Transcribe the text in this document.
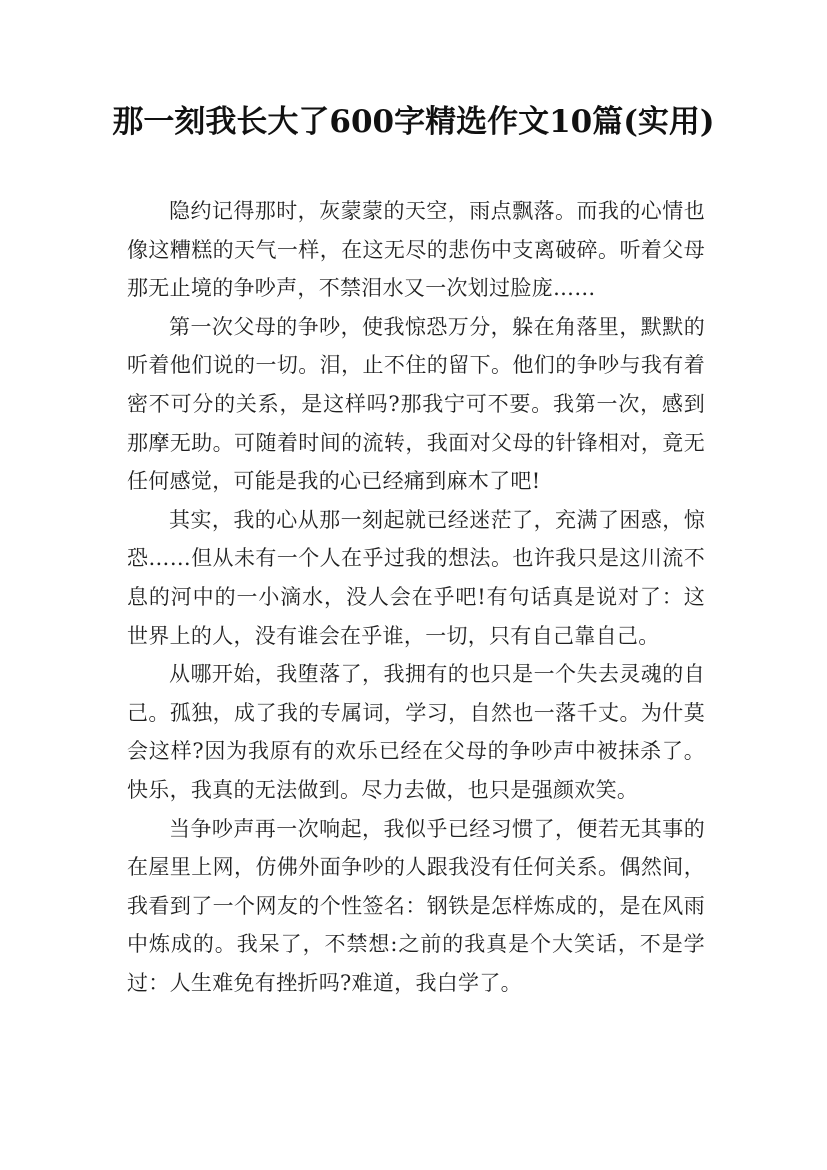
那一刻我长大了600字精选作文10篇(实用)

隐约记得那时，灰蒙蒙的天空，雨点飘落。而我的心情也像这糟糕的天气一样，在这无尽的悲伤中支离破碎。听着父母那无止境的争吵声，不禁泪水又一次划过脸庞……

第一次父母的争吵，使我惊恐万分，躲在角落里，默默的听着他们说的一切。泪，止不住的留下。他们的争吵与我有着密不可分的关系，是这样吗?那我宁可不要。我第一次，感到那摩无助。可随着时间的流转，我面对父母的针锋相对，竟无任何感觉，可能是我的心已经痛到麻木了吧!

其实，我的心从那一刻起就已经迷茫了，充满了困惑，惊恐……但从未有一个人在乎过我的想法。也许我只是这川流不息的河中的一小滴水，没人会在乎吧!有句话真是说对了：这世界上的人，没有谁会在乎谁，一切，只有自己靠自己。

从哪开始，我堕落了，我拥有的也只是一个失去灵魂的自己。孤独，成了我的专属词，学习，自然也一落千丈。为什莫会这样?因为我原有的欢乐已经在父母的争吵声中被抹杀了。快乐，我真的无法做到。尽力去做，也只是强颜欢笑。

当争吵声再一次响起，我似乎已经习惯了，便若无其事的在屋里上网，仿佛外面争吵的人跟我没有任何关系。偶然间，我看到了一个网友的个性签名：钢铁是怎样炼成的，是在风雨中炼成的。我呆了，不禁想:之前的我真是个大笑话，不是学过：人生难免有挫折吗?难道，我白学了。
